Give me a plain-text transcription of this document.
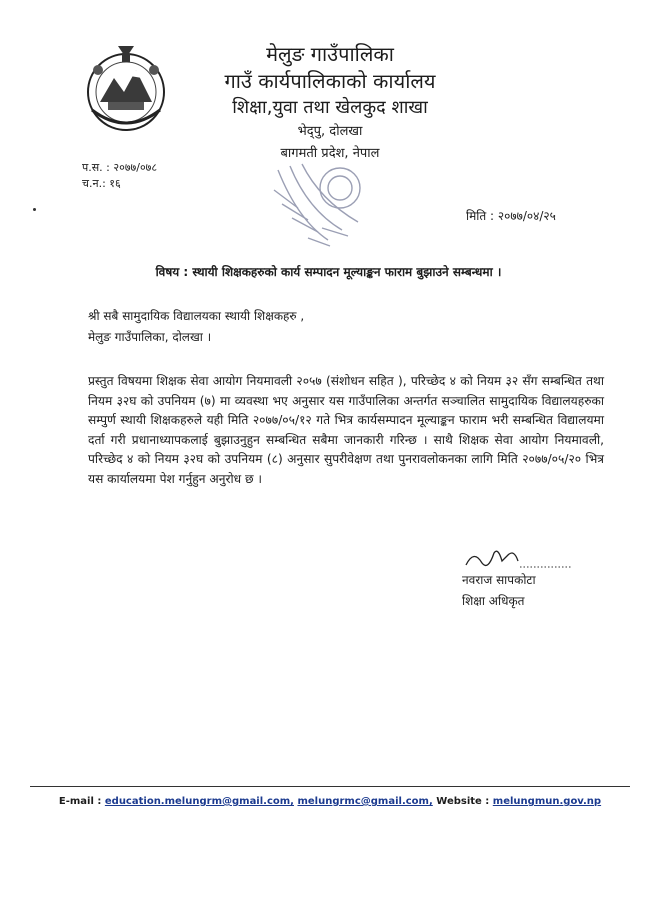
मेलुङ गाउँपालिका
गाउँ कार्यपालिकाको कार्यालय
शिक्षा,युवा तथा खेलकुद शाखा
भेद्पु, दोलखा
बागमती प्रदेश, नेपाल
प.स. : २०७७/०७८
च.न.: १६
मिति : २०७७/०४/२५
विषय : स्थायी शिक्षकहरुको कार्य सम्पादन मूल्याङ्कन फाराम बुझाउने सम्बन्धमा ।
श्री सबै सामुदायिक विद्यालयका स्थायी शिक्षकहरु ,
मेलुङ गाउँपालिका, दोलखा ।
प्रस्तुत विषयमा शिक्षक सेवा आयोग नियमावली २०५७ (संशोधन सहित ), परिच्छेद ४ को नियम ३२ सँग सम्बन्धित तथा नियम ३२घ को उपनियम (७) मा व्यवस्था भए अनुसार यस गाउँपालिका अन्तर्गत सञ्चालित सामुदायिक विद्यालयहरुका सम्पुर्ण स्थायी शिक्षकहरुले यही मिति २०७७/०५/१२ गते भित्र कार्यसम्पादन मूल्याङ्कन फाराम भरी सम्बन्धित विद्यालयमा दर्ता गरी प्रधानाध्यापकलाई बुझाउनुहुन सम्बन्धित सबैमा जानकारी गरिन्छ । साथै शिक्षक सेवा आयोग नियमावली, परिच्छेद ४ को नियम ३२घ को उपनियम (८) अनुसार सुपरीवेक्षण तथा पुनरावलोकनका लागि मिति २०७७/०५/२० भित्र यस कार्यालयमा पेश गर्नुहुन अनुरोध छ ।
नवराज सापकोटा
शिक्षा अधिकृत
E-mail : education.melungrm@gmail.com, melungrmc@gmail.com, Website : melungmun.gov.np
